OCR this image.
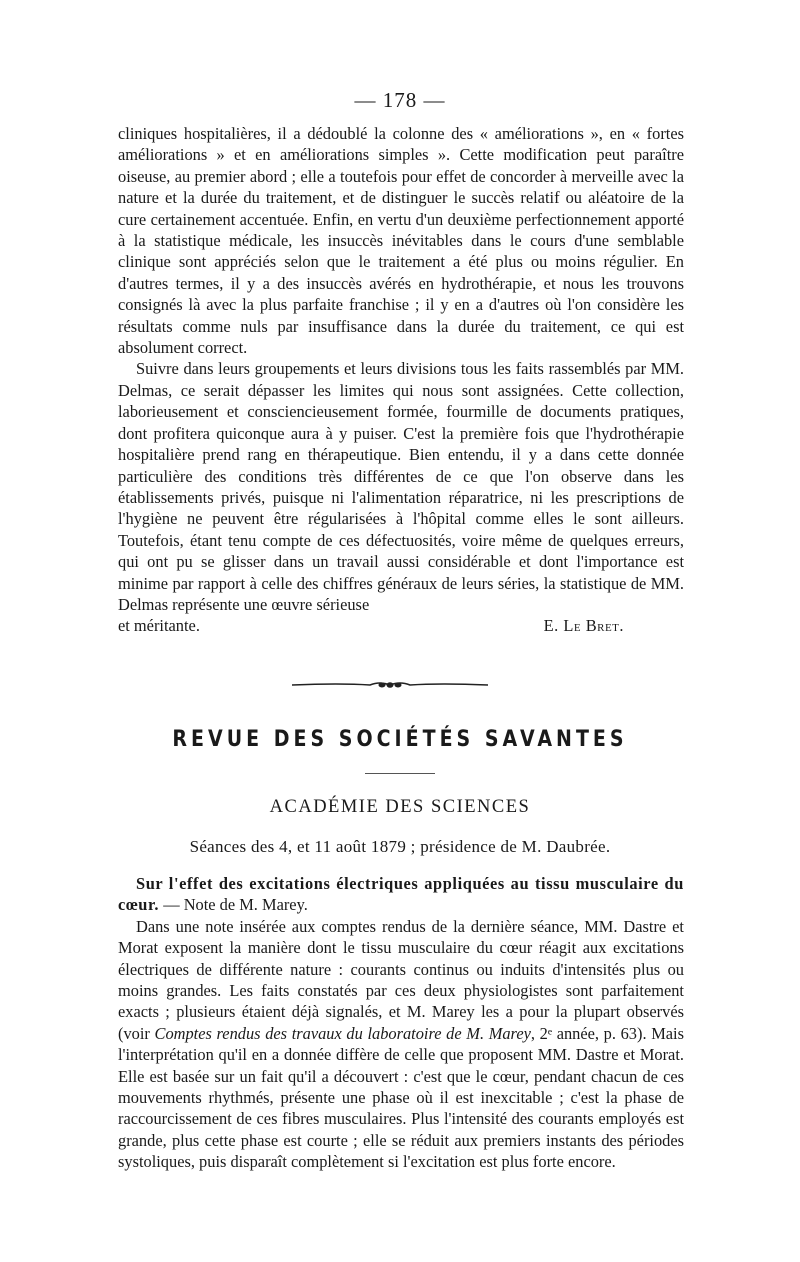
— 178 —

cliniques hospitalières, il a dédoublé la colonne des « améliorations », en « fortes améliorations » et en améliorations simples ». Cette modification peut paraître oiseuse, au premier abord ; elle a toutefois pour effet de concorder à merveille avec la nature et la durée du traitement, et de distinguer le succès relatif ou aléatoire de la cure certainement accentuée. Enfin, en vertu d'un deuxième perfectionnement apporté à la statistique médicale, les insuccès inévitables dans le cours d'une semblable clinique sont appréciés selon que le traitement a été plus ou moins régulier. En d'autres termes, il y a des insuccès avérés en hydrothérapie, et nous les trouvons consignés là avec la plus parfaite franchise ; il y en a d'autres où l'on considère les résultats comme nuls par insuffisance dans la durée du traitement, ce qui est absolument correct.

Suivre dans leurs groupements et leurs divisions tous les faits rassemblés par MM. Delmas, ce serait dépasser les limites qui nous sont assignées. Cette collection, laborieusement et consciencieusement formée, fourmille de documents pratiques, dont profitera quiconque aura à y puiser. C'est la première fois que l'hydrothérapie hospitalière prend rang en thérapeutique. Bien entendu, il y a dans cette donnée particulière des conditions très différentes de ce que l'on observe dans les établissements privés, puisque ni l'alimentation réparatrice, ni les prescriptions de l'hygiène ne peuvent être régularisées à l'hôpital comme elles le sont ailleurs. Toutefois, étant tenu compte de ces défectuosités, voire même de quelques erreurs, qui ont pu se glisser dans un travail aussi considérable et dont l'importance est minime par rapport à celle des chiffres généraux de leurs séries, la statistique de MM. Delmas représente une œuvre sérieuse

et méritante.	E. Le Bret.
REVUE DES SOCIÉTÉS SAVANTES
ACADÉMIE DES SCIENCES
Séances des 4, et 11 août 1879 ; présidence de M. Daubrée.

Sur l'effet des excitations électriques appliquées au tissu musculaire du cœur. — Note de M. Marey.

Dans une note insérée aux comptes rendus de la dernière séance, MM. Dastre et Morat exposent la manière dont le tissu musculaire du cœur réagit aux excitations électriques de différente nature : courants continus ou induits d'intensités plus ou moins grandes. Les faits constatés par ces deux physiologistes sont parfaitement exacts ; plusieurs étaient déjà signalés, et M. Marey les a pour la plupart observés (voir Comptes rendus des travaux du laboratoire de M. Marey, 2ᵉ année, p. 63). Mais l'interprétation qu'il en a donnée diffère de celle que proposent MM. Dastre et Morat. Elle est basée sur un fait qu'il a découvert : c'est que le cœur, pendant chacun de ces mouvements rhythmés, présente une phase où il est inexcitable ; c'est la phase de raccourcissement de ces fibres musculaires. Plus l'intensité des courants employés est grande, plus cette phase est courte ; elle se réduit aux premiers instants des périodes systoliques, puis disparaît complètement si l'excitation est plus forte encore.
